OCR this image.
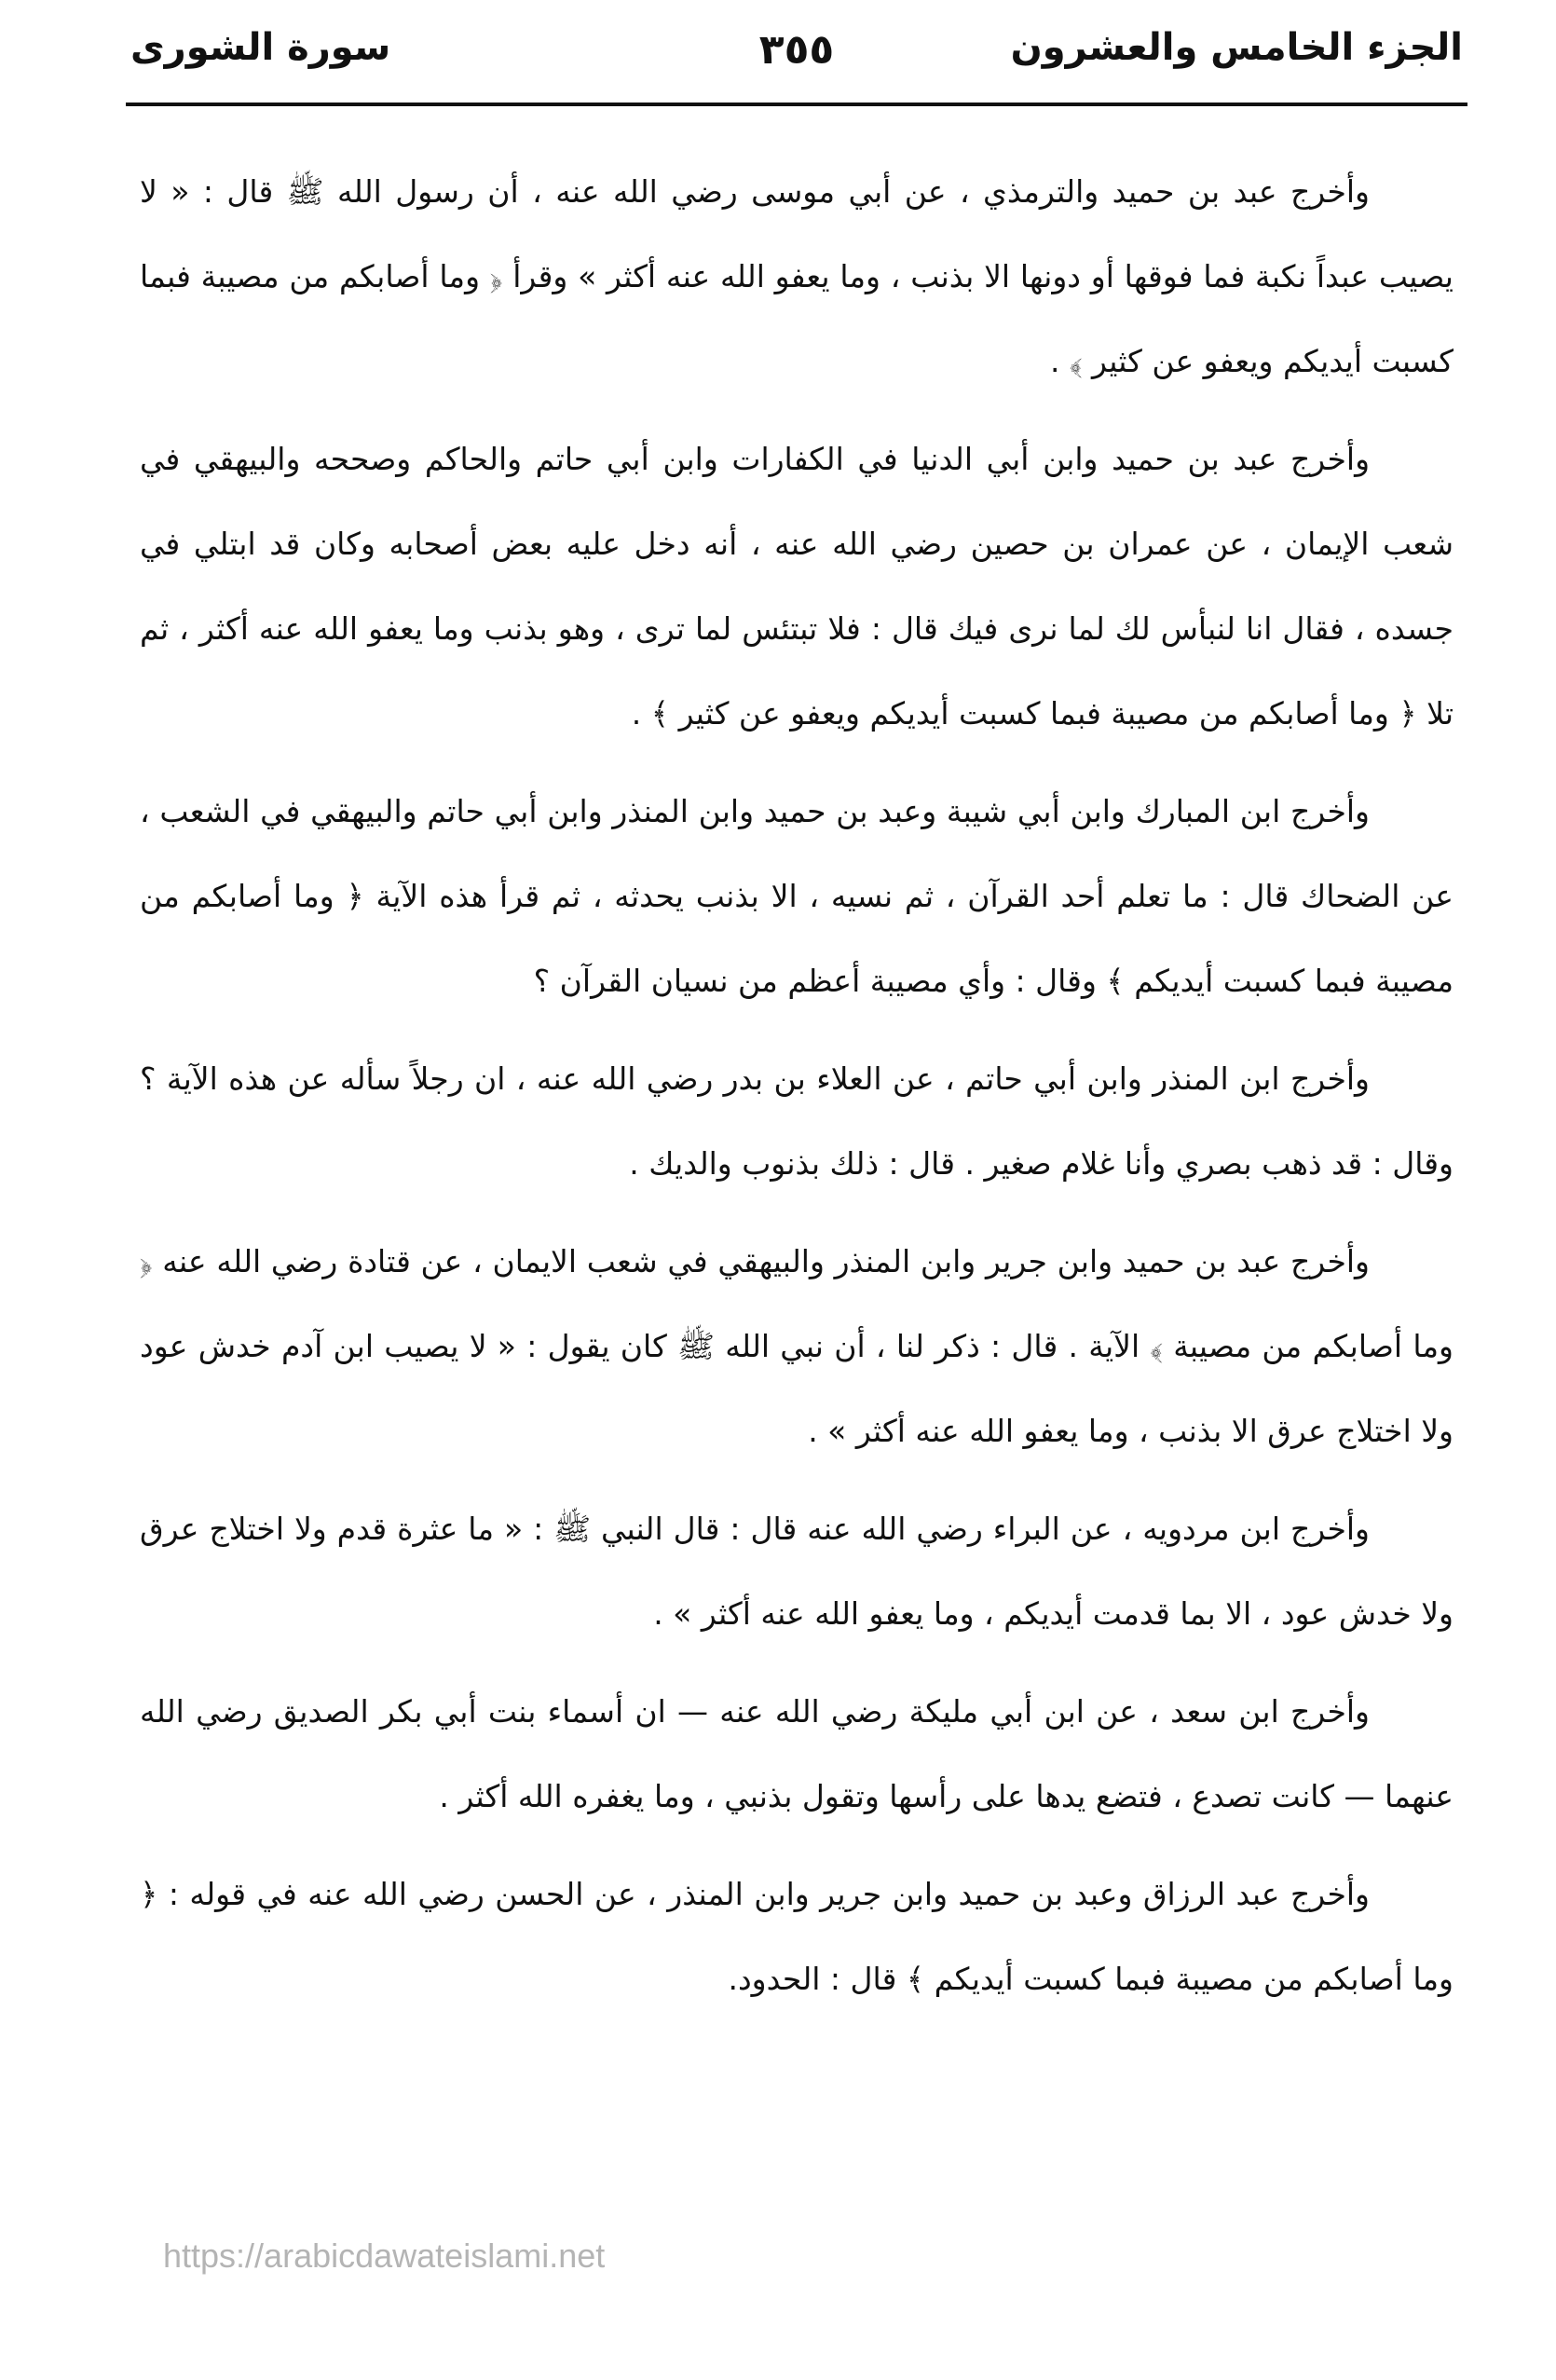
الجزء الخامس والعشرون
٣٥٥
سورة الشورى

وأخرج عبد بن حميد والترمذي ، عن أبي موسى رضي الله عنه ، أن رسول الله ﷺ قال : « لا يصيب عبداً نكبة فما فوقها أو دونها الا بذنب ، وما يعفو الله عنه أكثر » وقرأ ﴿ وما أصابكم من مصيبة فبما كسبت أيديكم ويعفو عن كثير ﴾ .

وأخرج عبد بن حميد وابن أبي الدنيا في الكفارات وابن أبي حاتم والحاكم وصححه والبيهقي في شعب الإيمان ، عن عمران بن حصين رضي الله عنه ، أنه دخل عليه بعض أصحابه وكان قد ابتلي في جسده ، فقال انا لنبأس لك لما نرى فيك قال : فلا تبتئس لما ترى ، وهو بذنب وما يعفو الله عنه أكثر ، ثم تلا ﴿ وما أصابكم من مصيبة فبما كسبت أيديكم ويعفو عن كثير ﴾ .

وأخرج ابن المبارك وابن أبي شيبة وعبد بن حميد وابن المنذر وابن أبي حاتم والبيهقي في الشعب ، عن الضحاك قال : ما تعلم أحد القرآن ، ثم نسيه ، الا بذنب يحدثه ، ثم قرأ هذه الآية ﴿ وما أصابكم من مصيبة فبما كسبت أيديكم ﴾ وقال : وأي مصيبة أعظم من نسيان القرآن ؟

وأخرج ابن المنذر وابن أبي حاتم ، عن العلاء بن بدر رضي الله عنه ، ان رجلاً سأله عن هذه الآية ؟ وقال : قد ذهب بصري وأنا غلام صغير . قال : ذلك بذنوب والديك .

وأخرج عبد بن حميد وابن جرير وابن المنذر والبيهقي في شعب الايمان ، عن قتادة رضي الله عنه ﴿ وما أصابكم من مصيبة ﴾ الآية . قال : ذكر لنا ، أن نبي الله ﷺ كان يقول : « لا يصيب ابن آدم خدش عود ولا اختلاج عرق الا بذنب ، وما يعفو الله عنه أكثر » .

وأخرج ابن مردويه ، عن البراء رضي الله عنه قال : قال النبي ﷺ : « ما عثرة قدم ولا اختلاج عرق ولا خدش عود ، الا بما قدمت أيديكم ، وما يعفو الله عنه أكثر » .

وأخرج ابن سعد ، عن ابن أبي مليكة رضي الله عنه — ان أسماء بنت أبي بكر الصديق رضي الله عنهما — كانت تصدع ، فتضع يدها على رأسها وتقول بذنبي ، وما يغفره الله أكثر .

وأخرج عبد الرزاق وعبد بن حميد وابن جرير وابن المنذر ، عن الحسن رضي الله عنه في قوله : ﴿ وما أصابكم من مصيبة فبما كسبت أيديكم ﴾ قال : الحدود.

https://arabicdawateislami.net
